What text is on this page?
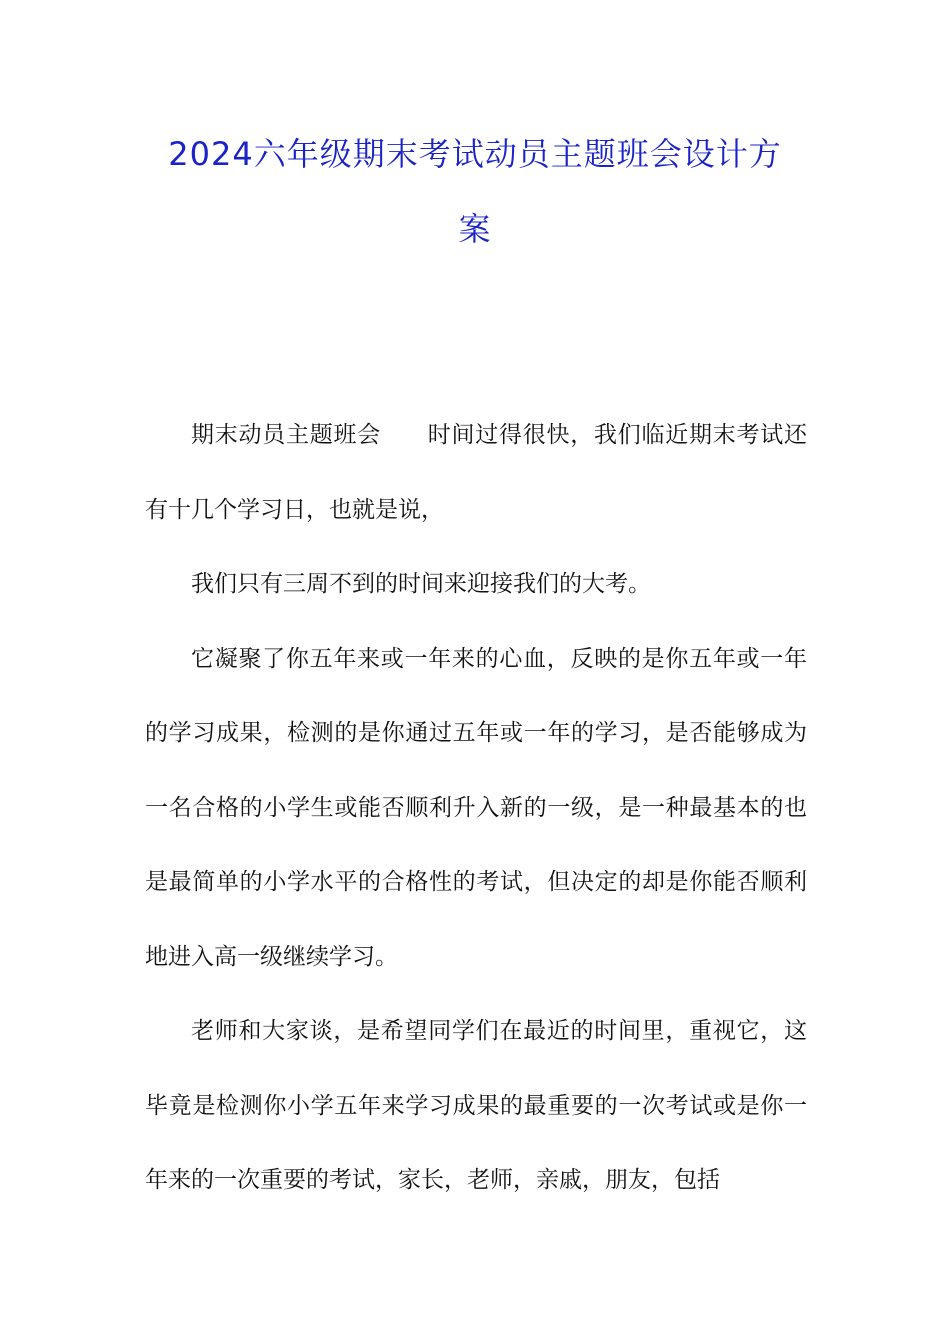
2024六年级期末考试动员主题班会设计方
案

期末动员主题班会 时间过得很快，我们临近期末考试还有十几个学习日，也就是说，

我们只有三周不到的时间来迎接我们的大考。

它凝聚了你五年来或一年来的心血，反映的是你五年或一年的学习成果，检测的是你通过五年或一年的学习，是否能够成为一名合格的小学生或能否顺利升入新的一级，是一种最基本的也是最简单的小学水平的合格性的考试，但决定的却是你能否顺利地进入高一级继续学习。

老师和大家谈，是希望同学们在最近的时间里，重视它，这毕竟是检测你小学五年来学习成果的最重要的一次考试或是你一年来的一次重要的考试，家长，老师，亲戚，朋友，包括
